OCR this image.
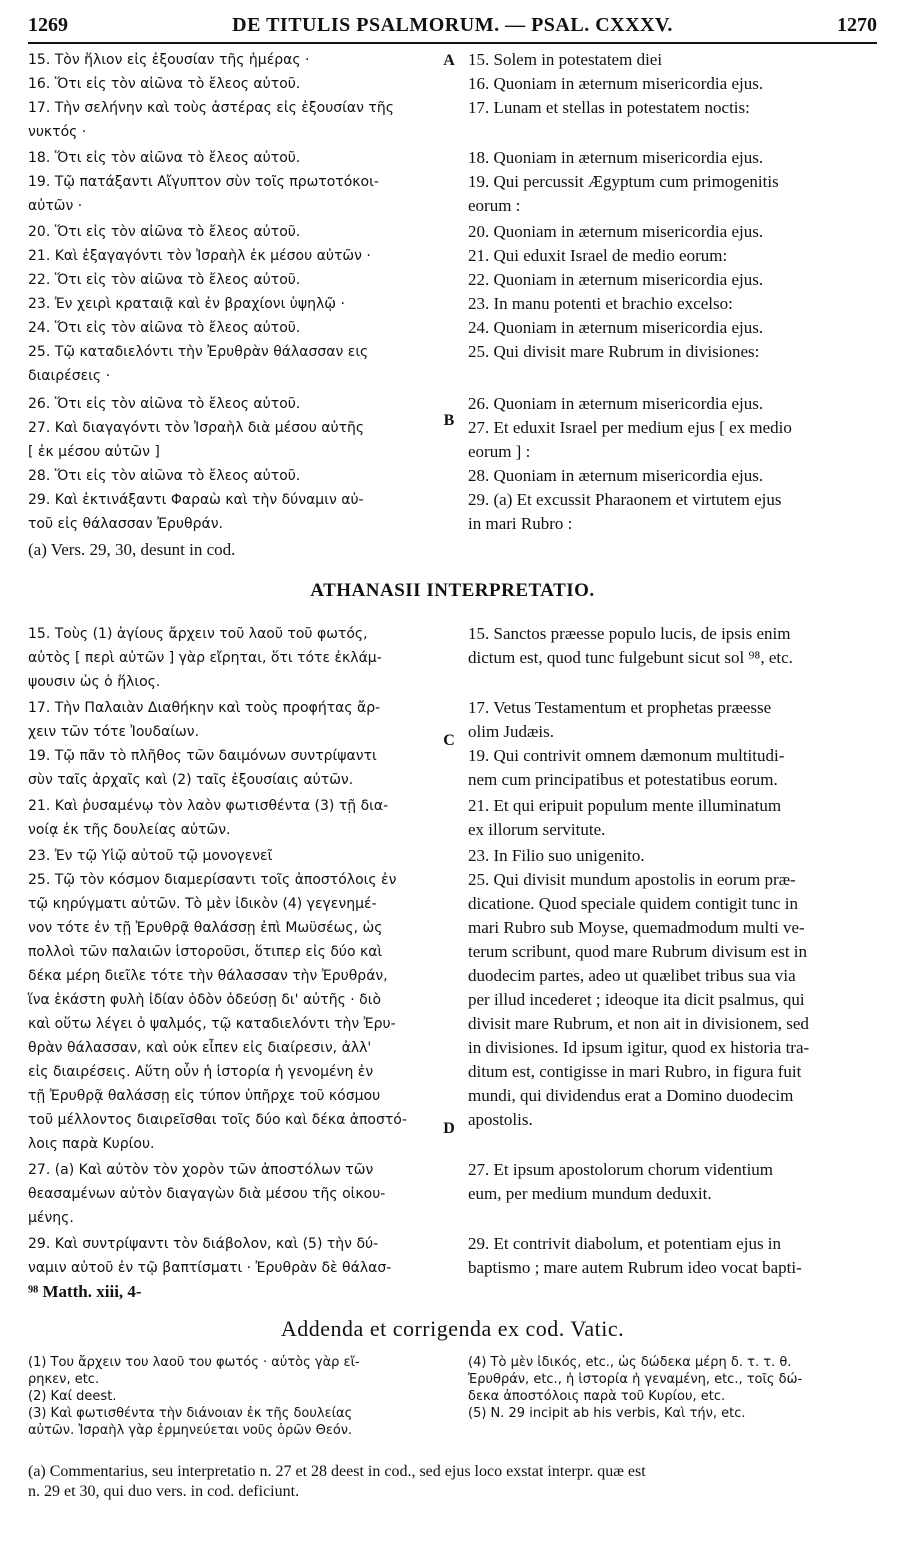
1269	DE TITULIS PSALMORUM. — PSAL. CXXXV.	1270
15. Τὸν ἥλιον εἰς ἐξουσίαν τῆς ἡμέρας ·
16. Ὅτι εἰς τὸν αἰῶνα τὸ ἔλεος αὐτοῦ.
17. Τὴν σελήνην καὶ τοὺς ἀστέρας εἰς ἐξουσίαν τῆς
νυκτός ·
18. Ὅτι εἰς τὸν αἰῶνα τὸ ἔλεος αὐτοῦ.
19. Τῷ πατάξαντι Αἴγυπτον σὺν τοῖς πρωτοτόκοι-
αὐτῶν ·
20. Ὅτι εἰς τὸν αἰῶνα τὸ ἔλεος αὐτοῦ.
21. Καὶ ἐξαγαγόντι τὸν Ἰσραὴλ ἐκ μέσου αὐτῶν ·
22. Ὅτι εἰς τὸν αἰῶνα τὸ ἔλεος αὐτοῦ.
23. Ἐν χειρὶ κραταιᾷ καὶ ἐν βραχίονι ὑψηλῷ ·
24. Ὅτι εἰς τὸν αἰῶνα τὸ ἔλεος αὐτοῦ.
25. Τῷ καταδιελόντι τὴν Ἐρυθρὰν θάλασσαν εις
διαιρέσεις ·
26. Ὅτι εἰς τὸν αἰῶνα τὸ ἔλεος αὐτοῦ.
27. Καὶ διαγαγόντι τὸν Ἰσραὴλ διὰ μέσου αὐτῆς
[ ἐκ μέσου αὐτῶν ]
28. Ὅτι εἰς τὸν αἰῶνα τὸ ἔλεος αὐτοῦ.
29. Καὶ ἐκτινάξαντι Φαραὼ καὶ τὴν δύναμιν αὐ-
τοῦ εἰς θάλασσαν Ἐρυθράν.
(a) Vers. 29, 30, desunt in cod.
15. Solem in potestatem diei
16. Quoniam in æternum misericordia ejus.
17. Lunam et stellas in potestatem noctis:
18. Quoniam in æternum misericordia ejus.
19. Qui percussit Ægyptum cum primogenitis
eorum :
20. Quoniam in æternum misericordia ejus.
21. Qui eduxit Israel de medio eorum:
22. Quoniam in æternum misericordia ejus.
23. In manu potenti et brachio excelso:
24. Quoniam in æternum misericordia ejus.
25. Qui divisit mare Rubrum in divisiones:
26. Quoniam in æternum misericordia ejus.
27. Et eduxit Israel per medium ejus [ ex medio
eorum ] :
28. Quoniam in æternum misericordia ejus.
29. (a) Et excussit Pharaonem et virtutem ejus
in mari Rubro :
A
B
C
D
ATHANASII INTERPRETATIO.
15. Τοὺς (1) ἁγίους ἄρχειν τοῦ λαοῦ τοῦ φωτός,
αὐτὸς [ περὶ αὐτῶν ] γὰρ εἴρηται, ὅτι τότε ἐκλάμ-
ψουσιν ὡς ὁ ἥλιος.
17. Τὴν Παλαιὰν Διαθήκην καὶ τοὺς προφήτας ἄρ-
χειν τῶν τότε Ἰουδαίων.
19. Τῷ πᾶν τὸ πλῆθος τῶν δαιμόνων συντρίψαντι
σὺν ταῖς ἀρχαῖς καὶ (2) ταῖς ἐξουσίαις αὐτῶν.
21. Καὶ ῥυσαμένῳ τὸν λαὸν φωτισθέντα (3) τῇ δια-
νοίᾳ ἐκ τῆς δουλείας αὐτῶν.
23. Ἐν τῷ Υἱῷ αὐτοῦ τῷ μονογενεῖ
25. Τῷ τὸν κόσμον διαμερίσαντι τοῖς ἀποστόλοις ἐν
τῷ κηρύγματι αὐτῶν. Τὸ μὲν ἰδικὸν (4) γεγενημέ-
νον τότε ἐν τῇ Ἐρυθρᾷ θαλάσσῃ ἐπὶ Μωϋσέως, ὡς
πολλοὶ τῶν παλαιῶν ἱστοροῦσι, ὅτιπερ εἰς δύο καὶ
δέκα μέρη διεῖλε τότε τὴν θάλασσαν τὴν Ἐρυθράν,
ἵνα ἑκάστη φυλὴ ἰδίαν ὁδὸν ὁδεύσῃ δι' αὐτῆς · διὸ
καὶ οὕτω λέγει ὁ ψαλμός, τῷ καταδιελόντι τὴν Ἐρυ-
θρὰν θάλασσαν, καὶ οὐκ εἶπεν εἰς διαίρεσιν, ἀλλ'
εἰς διαιρέσεις. Αὕτη οὖν ἡ ἱστορία ἡ γενομένη ἐν
τῇ Ἐρυθρᾷ θαλάσσῃ εἰς τύπον ὑπῆρχε τοῦ κόσμου
τοῦ μέλλοντος διαιρεῖσθαι τοῖς δύο καὶ δέκα ἀποστό-
λοις παρὰ Κυρίου.
27. (a) Καὶ αὐτὸν τὸν χορὸν τῶν ἀποστόλων τῶν
θεασαμένων αὐτὸν διαγαγὼν διὰ μέσου τῆς οἰκου-
μένης.
29. Καὶ συντρίψαντι τὸν διάβολον, καὶ (5) τὴν δύ-
ναμιν αὐτοῦ ἐν τῷ βαπτίσματι · Ἐρυθρὰν δὲ θάλασ-
⁹⁸ Matth. xiii, 4-
15. Sanctos præesse populo lucis, de ipsis enim
dictum est, quod tunc fulgebunt sicut sol ⁹⁸, etc.
17. Vetus Testamentum et prophetas præesse
olim Judæis.
19. Qui contrivit omnem dæmonum multitudi-
nem cum principatibus et potestatibus eorum.
21. Et qui eripuit populum mente illuminatum
ex illorum servitute.
23. In Filio suo unigenito.
25. Qui divisit mundum apostolis in eorum præ-
dicatione. Quod speciale quidem contigit tunc in
mari Rubro sub Moyse, quemadmodum multi ve-
terum scribunt, quod mare Rubrum divisum est in
duodecim partes, adeo ut quælibet tribus sua via
per illud incederet ; ideoque ita dicit psalmus, qui
divisit mare Rubrum, et non ait in divisionem, sed
in divisiones. Id ipsum igitur, quod ex historia tra-
ditum est, contigisse in mari Rubro, in figura fuit
mundi, qui dividendus erat a Domino duodecim
apostolis.
27. Et ipsum apostolorum chorum videntium
eum, per medium mundum deduxit.
29. Et contrivit diabolum, et potentiam ejus in
baptismo ; mare autem Rubrum ideo vocat bapti-
Addenda et corrigenda ex cod. Vatic.
(1) Του ἄρχειν του λαοῦ του φωτός · αὐτὸς γὰρ εἴ-
ρηκεν, etc.
(2) Καί deest.
(3) Καὶ φωτισθέντα τὴν διάνοιαν ἐκ τῆς δουλείας
αὐτῶν. Ἰσραὴλ γὰρ ἑρμηνεύεται νοῦς ὁρῶν Θεόν.
(4) Τὸ μὲν ἰδικός, etc., ὡς δώδεκα μέρη δ. τ. τ. θ.
Ἐρυθράν, etc., ἡ ἱστορία ἡ γεναμένη, etc., τοῖς δώ-
δεκα ἀποστόλοις παρὰ τοῦ Κυρίου, etc.
(5) N. 29 incipit ab his verbis, Καὶ τήν, etc.
(a) Commentarius, seu interpretatio n. 27 et 28 deest in cod., sed ejus loco exstat interpr. quæ est
n. 29 et 30, qui duo vers. in cod. deficiunt.
